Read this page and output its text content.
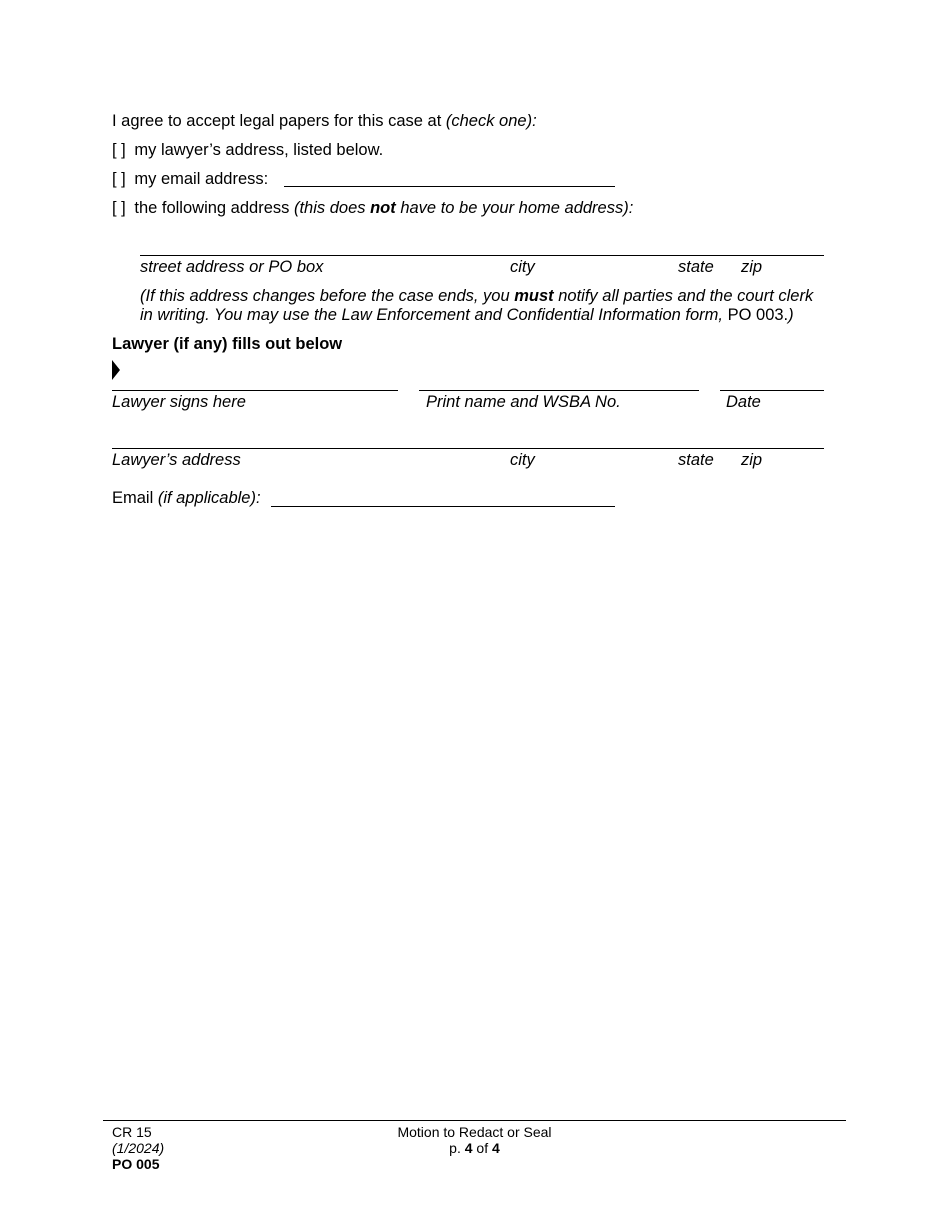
I agree to accept legal papers for this case at (check one):
[ ] my lawyer’s address, listed below.
[ ] my email address:
[ ] the following address (this does not have to be your home address):
street address or PO box	city	state zip
(If this address changes before the case ends, you must notify all parties and the court clerk
in writing. You may use the Law Enforcement and Confidential Information form, PO 003.)
Lawyer (if any) fills out below
Lawyer signs here	Print name and WSBA No.	Date
Lawyer’s address	city	state zip
Email (if applicable):
CR 15
(1/2024)
PO 005
Motion to Redact or Seal
p. 4 of 4
